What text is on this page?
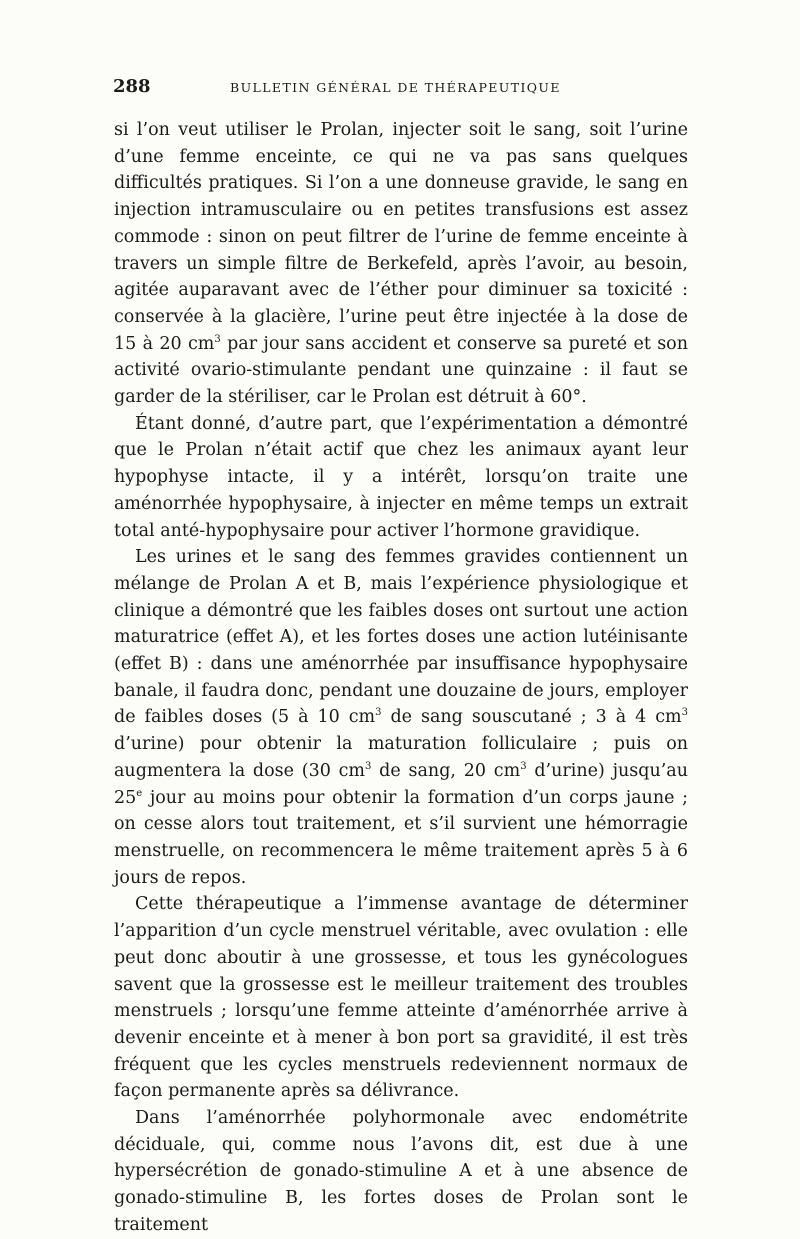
288	BULLETIN GÉNÉRAL DE THÉRAPEUTIQUE

si l’on veut utiliser le Prolan, injecter soit le sang, soit l’urine d’une femme enceinte, ce qui ne va pas sans quelques difficultés pratiques. Si l’on a une donneuse gravide, le sang en injection intramusculaire ou en petites transfusions est assez commode : sinon on peut filtrer de l’urine de femme enceinte à travers un simple filtre de Berkefeld, après l’avoir, au besoin, agitée auparavant avec de l’éther pour diminuer sa toxicité : conservée à la glacière, l’urine peut être injectée à la dose de 15 à 20 $cm^3$ par jour sans accident et conserve sa pureté et son activité ovario-stimulante pendant une quinzaine : il faut se garder de la stériliser, car le Prolan est détruit à 60°.

Étant donné, d’autre part, que l’expérimentation a démontré que le Prolan n’était actif que chez les animaux ayant leur hypophyse intacte, il y a intérêt, lorsqu’on traite une aménorrhée hypophysaire, à injecter en même temps un extrait total anté-hypophysaire pour activer l’hormone gravidique.

Les urines et le sang des femmes gravides contiennent un mélange de Prolan A et B, mais l’expérience physiologique et clinique a démontré que les faibles doses ont surtout une action maturatrice (effet A), et les fortes doses une action lutéinisante (effet B) : dans une aménorrhée par insuffisance hypophysaire banale, il faudra donc, pendant une douzaine de jours, employer de faibles doses (5 à 10 $cm^3$ de sang souscutané ; 3 à 4 $cm^3$ d’urine) pour obtenir la maturation folliculaire ; puis on augmentera la dose (30 $cm^3$ de sang, 20 $cm^3$ d’urine) jusqu’au 25e jour au moins pour obtenir la formation d’un corps jaune ; on cesse alors tout traitement, et s’il survient une hémorragie menstruelle, on recommencera le même traitement après 5 à 6 jours de repos.

Cette thérapeutique a l’immense avantage de déterminer l’apparition d’un cycle menstruel véritable, avec ovulation : elle peut donc aboutir à une grossesse, et tous les gynécologues savent que la grossesse est le meilleur traitement des troubles menstruels ; lorsqu’une femme atteinte d’aménorrhée arrive à devenir enceinte et à mener à bon port sa gravidité, il est très fréquent que les cycles menstruels redeviennent normaux de façon permanente après sa délivrance.

Dans l’aménorrhée polyhormonale avec endométrite déciduale, qui, comme nous l’avons dit, est due à une hypersécrétion de gonado-stimuline A et à une absence de gonado-stimuline B, les fortes doses de Prolan sont le traitement
